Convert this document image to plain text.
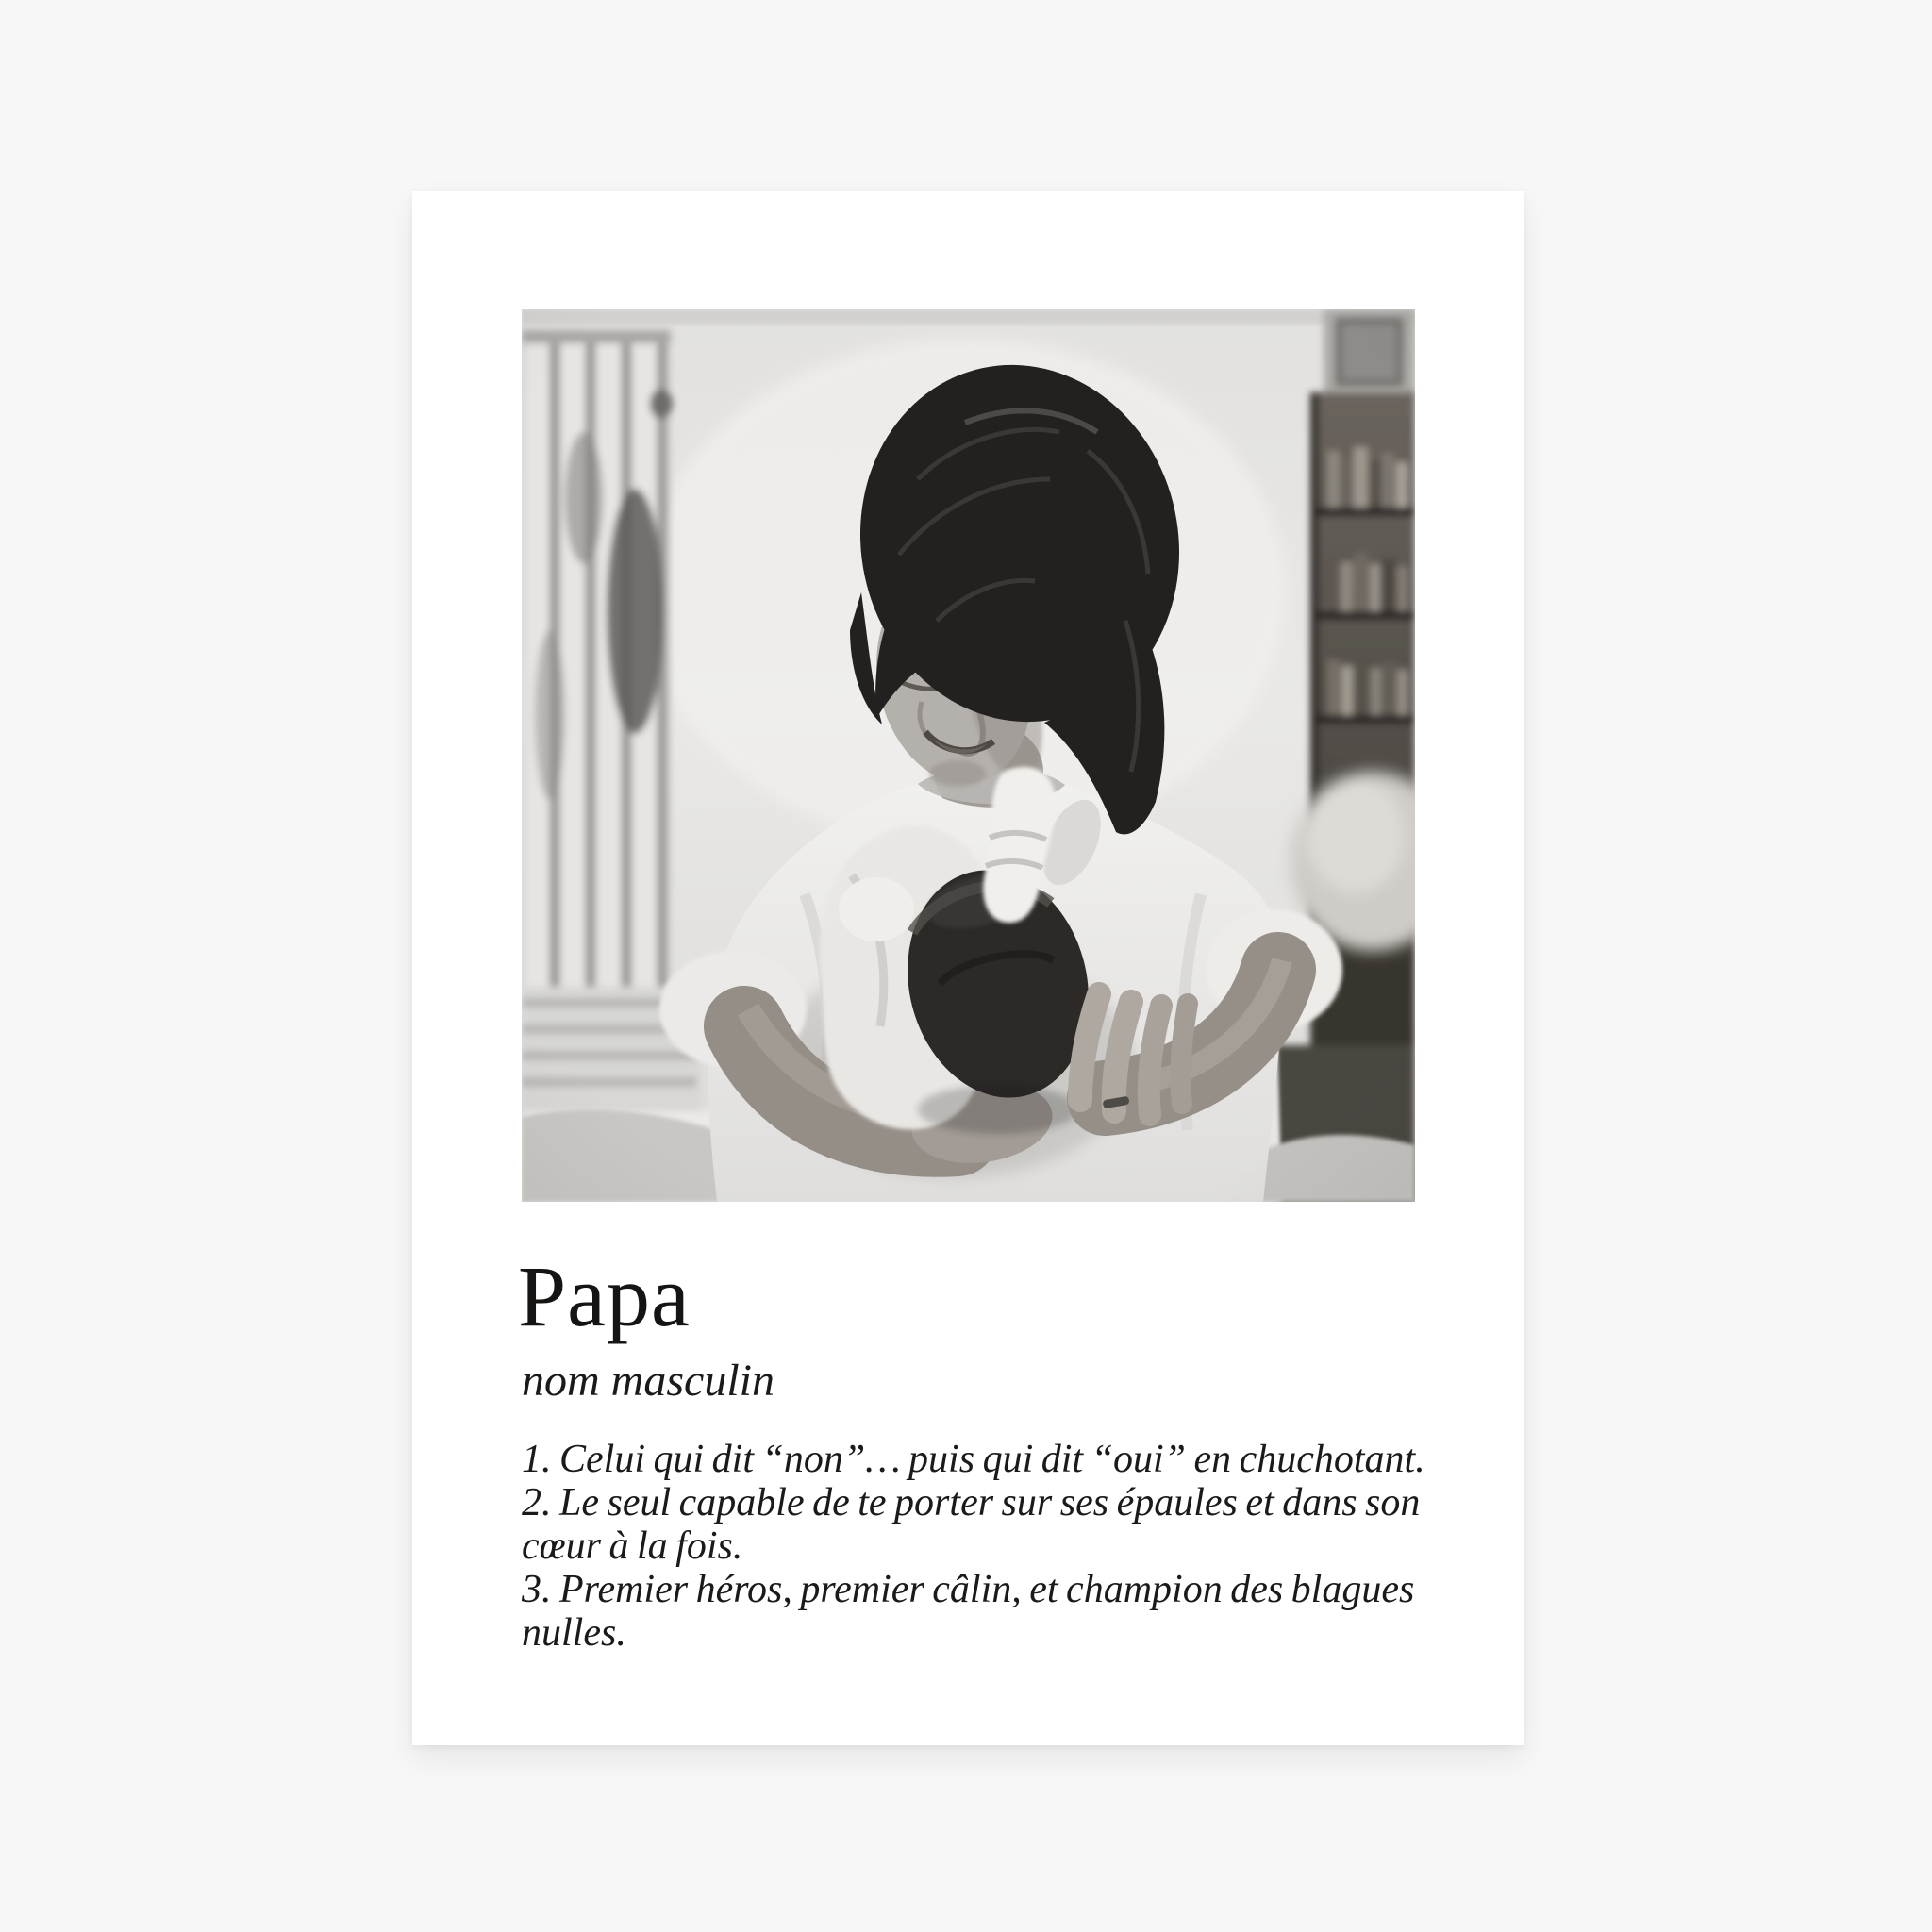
Papa
nom masculin

1. Celui qui dit “non”… puis qui dit “oui” en chuchotant.

2. Le seul capable de te porter sur ses épaules et dans son cœur à la fois.

3. Premier héros, premier câlin, et champion des blagues nulles.
